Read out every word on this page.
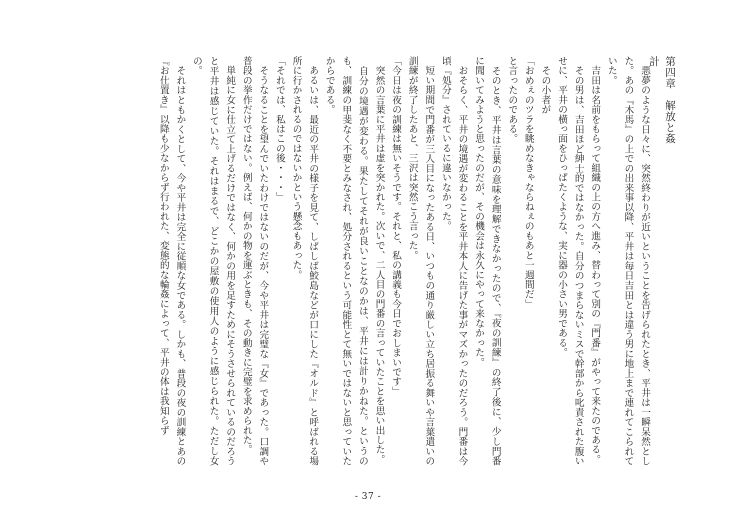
第四章　解放と姦計

　悪夢のような日々に、突然終わりが近いということを告げられたとき、平井は一瞬呆然とした。あの『木馬』の上での出来事以降、平井は毎日吉田とは違う男に地上まで連れてこられていた。

　吉田は名前をもらって組織の上の方へ進み、替わって別の『門番』がやって来たのである。

　その男は、吉田ほど紳士的ではなかった。自分のつまらないミスで幹部から叱責された腹いせに、平井の横っ面をひっぱたくような、実に器の小さい男である。

　その小者が

「おめぇのツラを眺めなきゃならねぇのもあと一週間だ」

と言ったのである。

　そのとき、平井は言葉の意味を理解できなかったので、『夜の訓練』の終了後に、少し門番に聞いてみようと思ったのだが、その機会は永久にやって来なかった。

　おそらく、平井の境遇が変わることを平井本人に告げた事がマズかったのだろう。門番は今頃『処分』されているに違いなかった。

　短い期間で門番が三人目になったある日、いつもの通り厳しい立ち居振る舞いや言葉遣いの訓練が終了したあと、三沢は突然こう言った。

「今日は夜の訓練は無いそうです。それと、私の講義も今日でおしまいです」

　突然の言葉に平井は虚を突かれた。次いで、二人目の門番の言っていたことを思い出した。

　自分の境遇が変わる。果たしてそれが良いことなのかは、平井には計りかねた。というのも、訓練の甲斐なく不要とみなされ、処分されるという可能性とて無いではないと思っていたからである。

　あるいは、最近の平井の様子を見て、しばしば鮫島などが口にした『オルド』と呼ばれる場所に行かされるのではないかという懸念もあった。

「それでは、私はこの後・・・」

　そうなることを望んでいたわけではないのだが、今や平井は完璧な『女』であった。口調や普段の挙作だけではない。例えば、何かの物を運ぶときも、その動きに完璧を求められた。

　単純に女に仕立て上げるだけではなく、何かの用を足すためにそうさせられているのだろうと平井は感じていた。それはまるで、どこかの屋敷の使用人のように感じられた。ただし女の。

　それはともかくとして、今や平井は完全に従順な女である。しかも、普段の夜の訓練とあの『お仕置き』以降も少なからず行われた、変態的な輪姦によって、平井の体は我知らず

- 37 -
